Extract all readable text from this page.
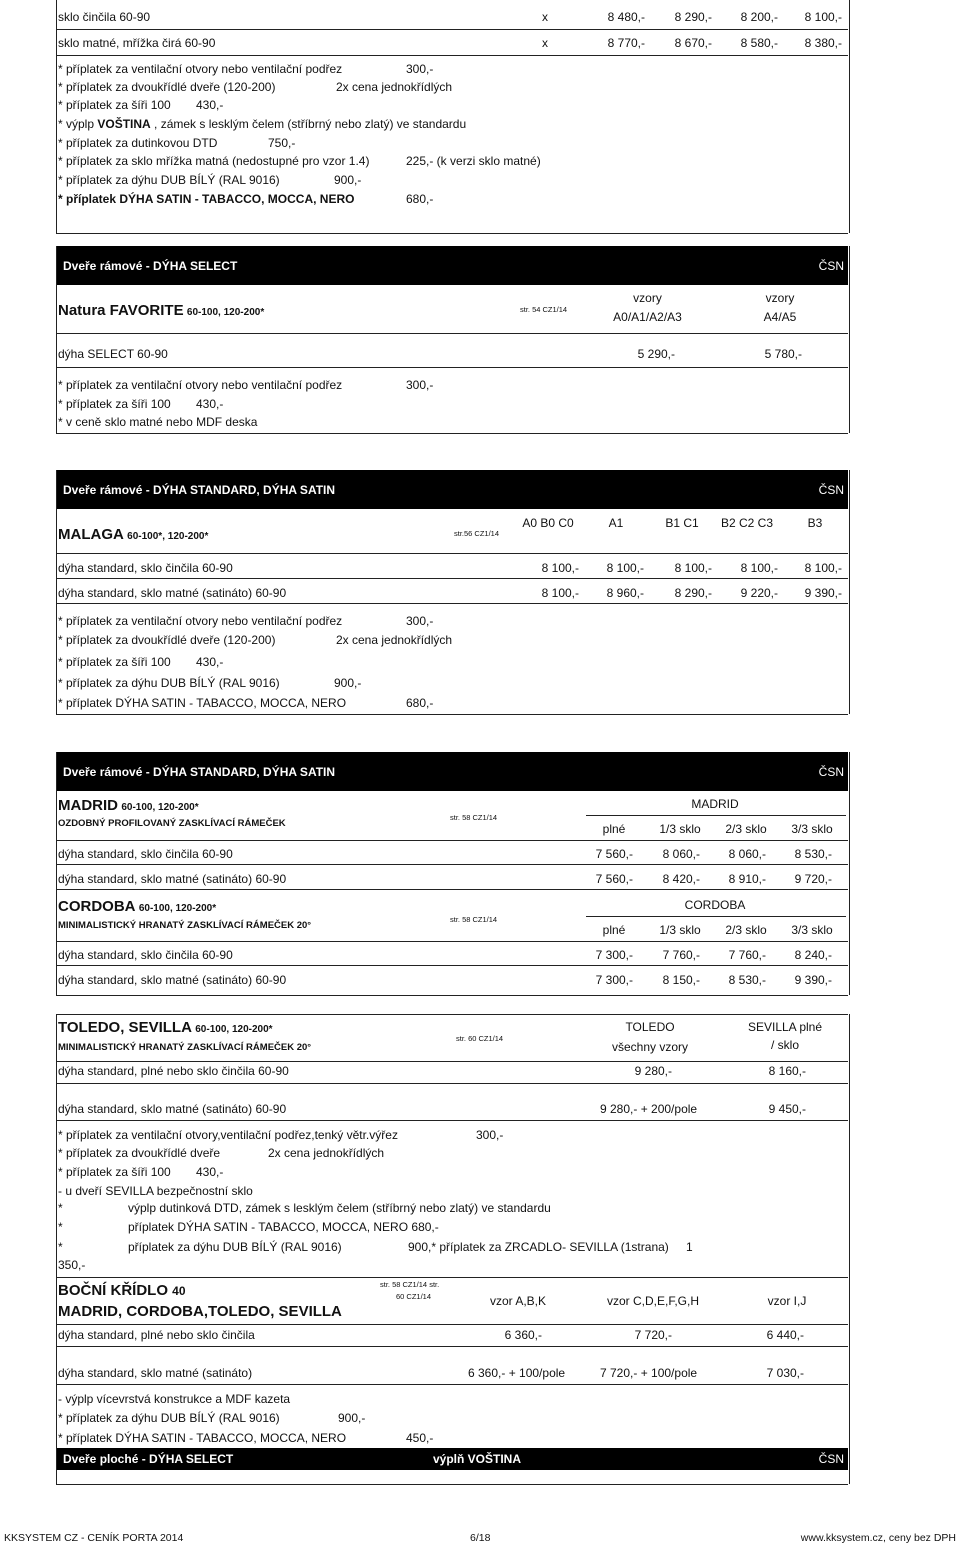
sklo činčila 60-90	x	8 480,-	8 290,-	8 200,-	8 100,-
sklo matné, mřížka čirá 60-90	x	8 770,-	8 670,-	8 580,-	8 380,-
* příplatek za ventilační otvory nebo ventilační podřez	300,-
* příplatek za dvoukřídlé dveře (120-200)	2x cena jednokřídlých
* příplatek za šíři 100 430,-
* výplp VOŠTINA , zámek s lesklým čelem (stříbrný nebo zlatý) ve standardu
* příplatek za dutinkovou DTD	750,-
* příplatek za sklo mřížka matná (nedostupné pro vzor 1.4)	225,- (k verzi sklo matné)
* příplatek za dýhu DUB BÍLÝ (RAL 9016)	900,-
* příplatek DÝHA SATIN - TABACCO, MOCCA, NERO	680,-
Dveře rámové - DÝHA SELECT	ČSN
Natura FAVORITE 60-100, 120-200*	str. 54 CZ1/14
vzory
A0/A1/A2/A3
vzory
A4/A5
dýha SELECT 60-90	5 290,-	5 780,-
* příplatek za ventilační otvory nebo ventilační podřez	300,-
* příplatek za šíři 100 430,-
* v ceně sklo matné nebo MDF deska
Dveře rámové - DÝHA STANDARD, DÝHA SATIN	ČSN
MALAGA 60-100*, 120-200*	str.56 CZ1/14
A0 B0 C0	A1	B1 C1	B2 C2 C3	B3
dýha standard, sklo činčila 60-90	8 100,-	8 100,-	8 100,-	8 100,-	8 100,-
dýha standard, sklo matné (satináto) 60-90	8 100,-	8 960,-	8 290,-	9 220,-	9 390,-
* příplatek za ventilační otvory nebo ventilační podřez	300,-
* příplatek za dvoukřídlé dveře (120-200)	2x cena jednokřídlých
* příplatek za šíři 100 430,-
* příplatek za dýhu DUB BÍLÝ (RAL 9016)	900,-
* příplatek DÝHA SATIN - TABACCO, MOCCA, NERO	680,-
Dveře rámové - DÝHA STANDARD, DÝHA SATIN	ČSN
MADRID 60-100, 120-200*
OZDOBNÝ PROFILOVANÝ ZASKLÍVACÍ RÁMEČEK
str. 58 CZ1/14
MADRID
plné	1/3 sklo	2/3 sklo	3/3 sklo
dýha standard, sklo činčila 60-90	7 560,-	8 060,-	8 060,-	8 530,-
dýha standard, sklo matné (satináto) 60-90	7 560,-	8 420,-	8 910,-	9 720,-
CORDOBA 60-100, 120-200*
MINIMALISTICKÝ HRANATÝ ZASKLÍVACÍ RÁMEČEK 20°
str. 58 CZ1/14
CORDOBA
plné	1/3 sklo	2/3 sklo	3/3 sklo
dýha standard, sklo činčila 60-90	7 300,-	7 760,-	7 760,-	8 240,-
dýha standard, sklo matné (satináto) 60-90	7 300,-	8 150,-	8 530,-	9 390,-
TOLEDO, SEVILLA 60-100, 120-200*
MINIMALISTICKÝ HRANATÝ ZASKLÍVACÍ RÁMEČEK 20°
str. 60 CZ1/14
TOLEDO
všechny vzory
SEVILLA plné
/ sklo
dýha standard, plné nebo sklo činčila 60-90	9 280,-	8 160,-
dýha standard, sklo matné (satináto) 60-90	9 280,- + 200/pole	9 450,-
* příplatek za ventilační otvory,ventilační podřez,tenký větr.výřez	300,-
* příplatek za dvoukřídlé dveře	2x cena jednokřídlých
* příplatek za šíři 100 430,-
- u dveří SEVILLA bezpečnostní sklo
*	výplp dutinková DTD, zámek s lesklým čelem (stříbrný nebo zlatý) ve standardu
*	příplatek DÝHA SATIN - TABACCO, MOCCA, NERO 680,-
*	příplatek za dýhu DUB BÍLÝ (RAL 9016)	900,* příplatek za ZRCADLO- SEVILLA (1strana) 1
350,-
BOČNÍ KŘÍDLO 40
MADRID, CORDOBA,TOLEDO, SEVILLA
str. 58 CZ1/14 str.
60 CZ1/14	vzor A,B,K	vzor C,D,E,F,G,H	vzor I,J
dýha standard, plné nebo sklo činčila	6 360,-	7 720,-	6 440,-
dýha standard, sklo matné (satináto)	6 360,- + 100/pole	7 720,- + 100/pole	7 030,-
- výplp vícevrstvá konstrukce a MDF kazeta
* příplatek za dýhu DUB BÍLÝ (RAL 9016)	900,-
* příplatek DÝHA SATIN - TABACCO, MOCCA, NERO	450,-
Dveře ploché - DÝHA SELECT	výplň VOŠTINA	ČSN
KKSYSTEM CZ - CENÍK PORTA 2014	6/18	www.kksystem.cz, ceny bez DPH
